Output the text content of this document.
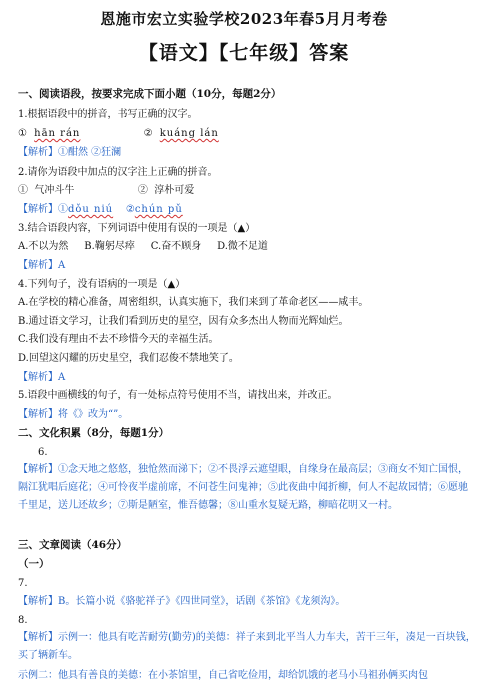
恩施市宏立实验学校2023年春5月月考卷
【语文】【七年级】答案
一、阅读语段，按要求完成下面小题（10分，每题2分）
1.根据语段中的拼音，书写正确的汉字。
① hān rán	② kuáng lán
【解析】①酣然 ②狂澜
2.请你为语段中加点的汉字注上正确的拼音。
①  气冲斗牛                    ②  淳朴可爱
【解析】①dǒu niú    ②chún pǔ
3.结合语段内容，下列词语中使用有误的一项是（▲）
A.不以为然     B.鞠躬尽瘁     C.奋不顾身     D.微不足道
【解析】A
4.下列句子，没有语病的一项是（▲）
A.在学校的精心准备，周密组织，认真实施下，我们来到了革命老区——咸丰。
B.通过语文学习，让我们看到历史的星空，因有众多杰出人物而光辉灿烂。
C.我们没有理由不去不珍惜今天的幸福生活。
D.回望这闪耀的历史星空，我们忍俊不禁地笑了。
【解析】A
5.语段中画横线的句子，有一处标点符号使用不当，请找出来，并改正。
【解析】将《》改为“”。
二、文化积累（8分，每题1分）
6.
【解析】①念天地之悠悠，独怆然而涕下；②不畏浮云遮望眼，自缘身在最高层；③商女不知亡国恨，隔江犹唱后庭花；④可怜夜半虚前席，不问苍生问鬼神；⑤此夜曲中闻折柳，何人不起故园情；⑥愿驰千里足，送儿还故乡；⑦斯是陋室，惟吾德馨；⑧山重水复疑无路，柳暗花明又一村。
三、文章阅读（46分）
（一）
7.
【解析】B。长篇小说《骆驼祥子》《四世同堂》，话剧《茶馆》《龙须沟》。
8.
【解析】示例一：他具有吃苦耐劳(勤劳)的美德：祥子来到北平当人力车夫，苦干三年，凑足一百块钱，买了辆新车。
示例二：他具有善良的美德：在小茶馆里，自己省吃俭用，却给饥饿的老马小马祖孙俩买肉包
